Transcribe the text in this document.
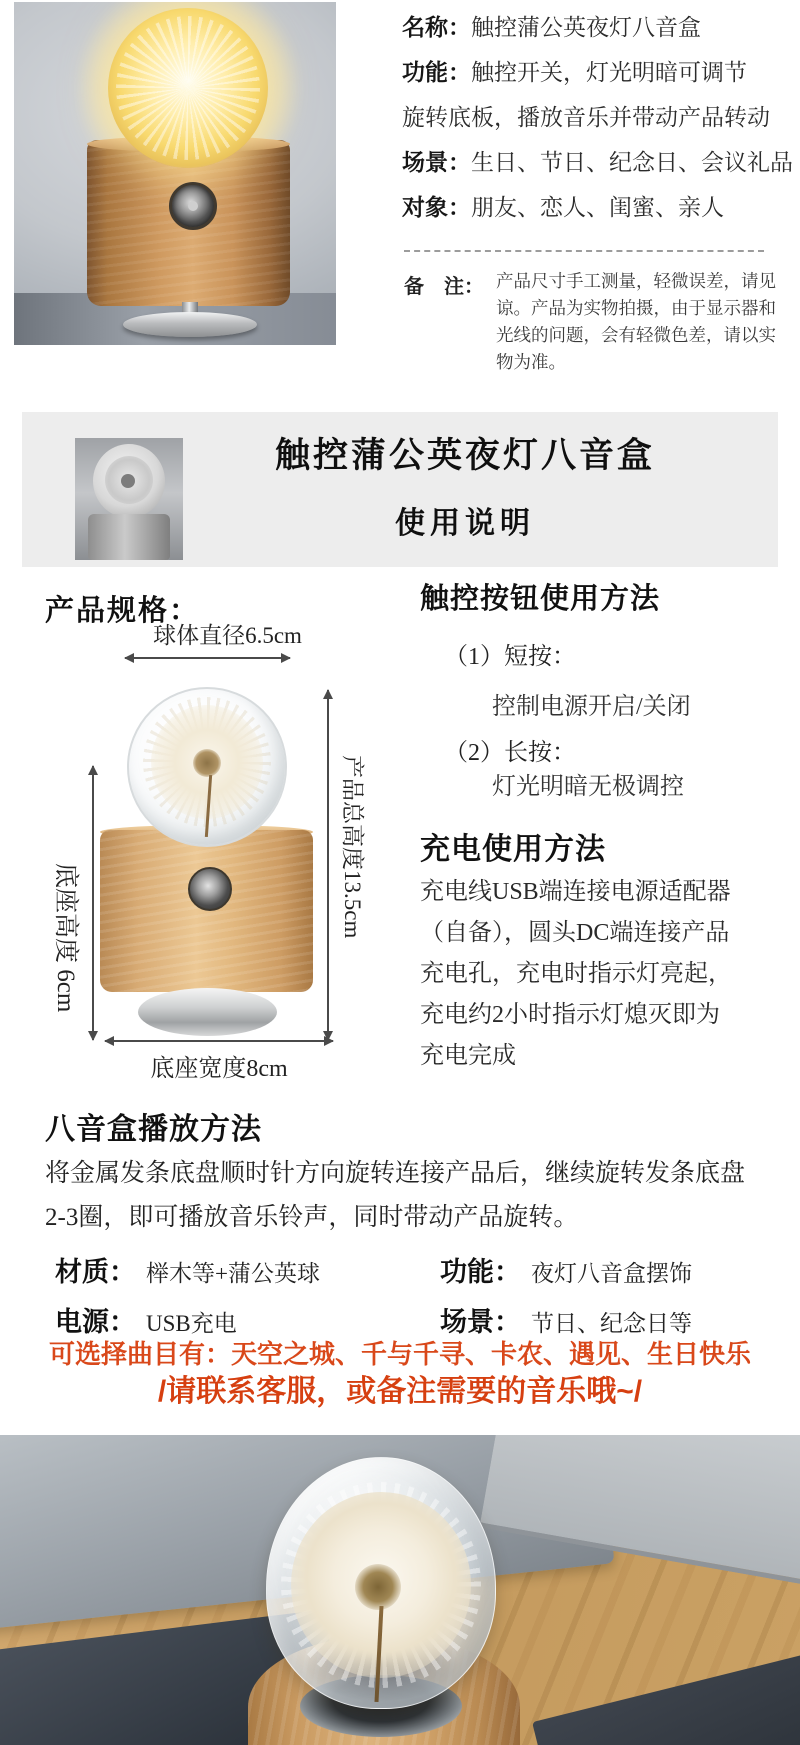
名称：触控蒲公英夜灯八音盒
功能：触控开关，灯光明暗可调节
旋转底板，播放音乐并带动产品转动
场景：生日、节日、纪念日、会议礼品
对象：朋友、恋人、闺蜜、亲人
备　注： 产品尺寸手工测量，轻微误差，请见谅。产品为实物拍摄，由于显示器和光线的问题，会有轻微色差，请以实物为准。
触控蒲公英夜灯八音盒
使用说明
产品规格：
球体直径6.5cm
产品总高度13.5cm
底座高度 6cm
底座宽度8cm
触控按钮使用方法
（1）短按：
控制电源开启/关闭
（2）长按：
灯光明暗无极调控
充电使用方法
充电线USB端连接电源适配器
（自备），圆头DC端连接产品
充电孔，充电时指示灯亮起，
充电约2小时指示灯熄灭即为
充电完成
八音盒播放方法
将金属发条底盘顺时针方向旋转连接产品后，继续旋转发条底盘
2-3圈，即可播放音乐铃声，同时带动产品旋转。
材质： 榉木等+蒲公英球	功能： 夜灯八音盒摆饰
电源： USB充电	场景： 节日、纪念日等
可选择曲目有：天空之城、千与千寻、卡农、遇见、生日快乐
/请联系客服，或备注需要的音乐哦~/
